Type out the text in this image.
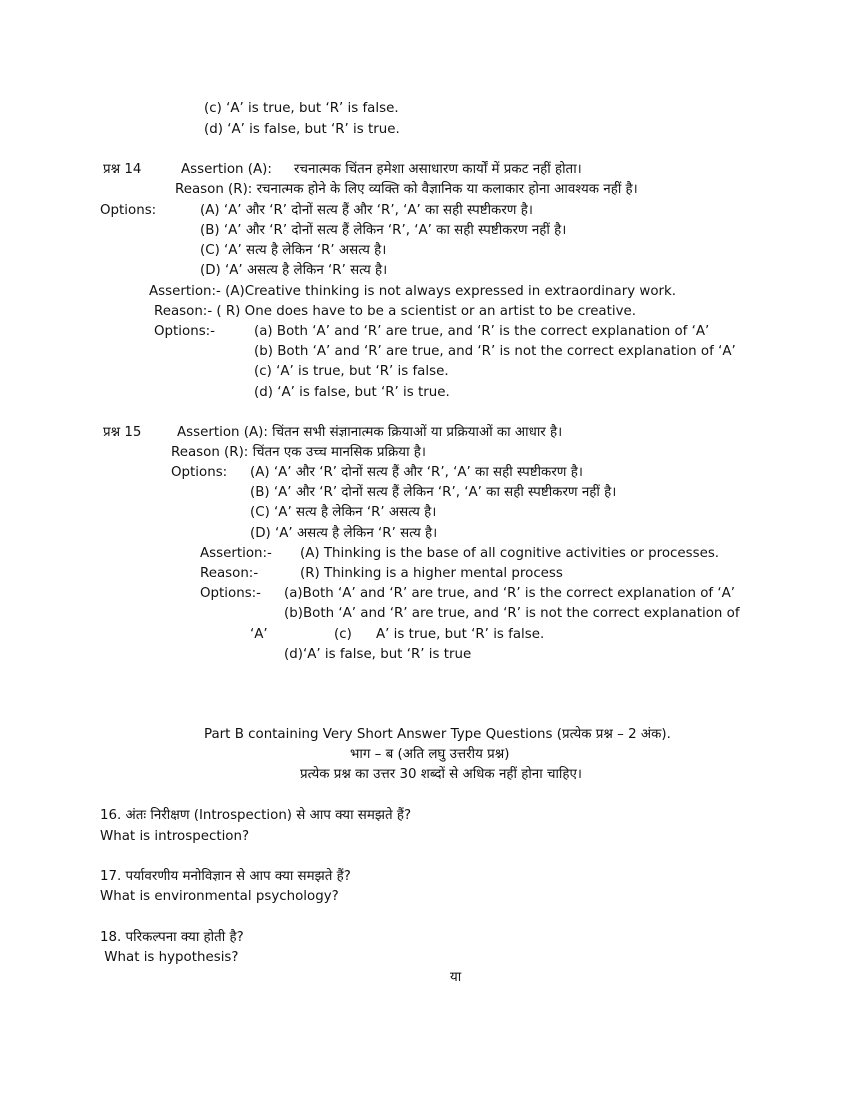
(c) ‘A’ is true, but ‘R’ is false.
(d) ‘A’ is false, but ‘R’ is true.
प्रश्न 14	Assertion (A): रचनात्मक चिंतन हमेशा असाधारण कार्यों में प्रकट नहीं होता।
Reason (R): रचनात्मक होने के लिए व्यक्ति को वैज्ञानिक या कलाकार होना आवश्यक नहीं है।
Options:	(A) ‘A’ और ‘R’ दोनों सत्य हैं और ‘R’, ‘A’ का सही स्पष्टीकरण है।
(B) ‘A’ और ‘R’ दोनों सत्य हैं लेकिन ‘R’, ‘A’ का सही स्पष्टीकरण नहीं है।
(C) ‘A’ सत्य है लेकिन ‘R’ असत्य है।
(D) ‘A’ असत्य है लेकिन ‘R’ सत्य है।
Assertion:- (A)Creative thinking is not always expressed in extraordinary work.
Reason:- ( R) One does have to be a scientist or an artist to be creative.
Options:-	(a) Both ‘A’ and ‘R’ are true, and ‘R’ is the correct explanation of ‘A’
(b) Both ‘A’ and ‘R’ are true, and ‘R’ is not the correct explanation of ‘A’
(c) ‘A’ is true, but ‘R’ is false.
(d) ‘A’ is false, but ‘R’ is true.
प्रश्न 15	Assertion (A): चिंतन सभी संज्ञानात्मक क्रियाओं या प्रक्रियाओं का आधार है।
Reason (R): चिंतन एक उच्च मानसिक प्रक्रिया है।
Options: (A) ‘A’ और ‘R’ दोनों सत्य हैं और ‘R’, ‘A’ का सही स्पष्टीकरण है।
(B) ‘A’ और ‘R’ दोनों सत्य हैं लेकिन ‘R’, ‘A’ का सही स्पष्टीकरण नहीं है।
(C) ‘A’ सत्य है लेकिन ‘R’ असत्य है।
(D) ‘A’ असत्य है लेकिन ‘R’ सत्य है।
Assertion:- (A) Thinking is the base of all cognitive activities or processes.
Reason:-	(R) Thinking is a higher mental process
Options:- (a)Both ‘A’ and ‘R’ are true, and ‘R’ is the correct explanation of ‘A’
(b)Both ‘A’ and ‘R’ are true, and ‘R’ is not the correct explanation of
‘A’	(c) A’ is true, but ‘R’ is false.
(d)‘A’ is false, but ‘R’ is true
Part B containing Very Short Answer Type Questions (प्रत्येक प्रश्न – 2 अंक).
भाग – ब (अति लघु उत्तरीय प्रश्न)
प्रत्येक प्रश्न का उत्तर 30 शब्दों से अधिक नहीं होना चाहिए।
16. अंतः निरीक्षण (Introspection) से आप क्या समझते हैं?
What is introspection?
17. पर्यावरणीय मनोविज्ञान से आप क्या समझते हैं?
What is environmental psychology?
18. परिकल्पना क्या होती है?
What is hypothesis?
या
